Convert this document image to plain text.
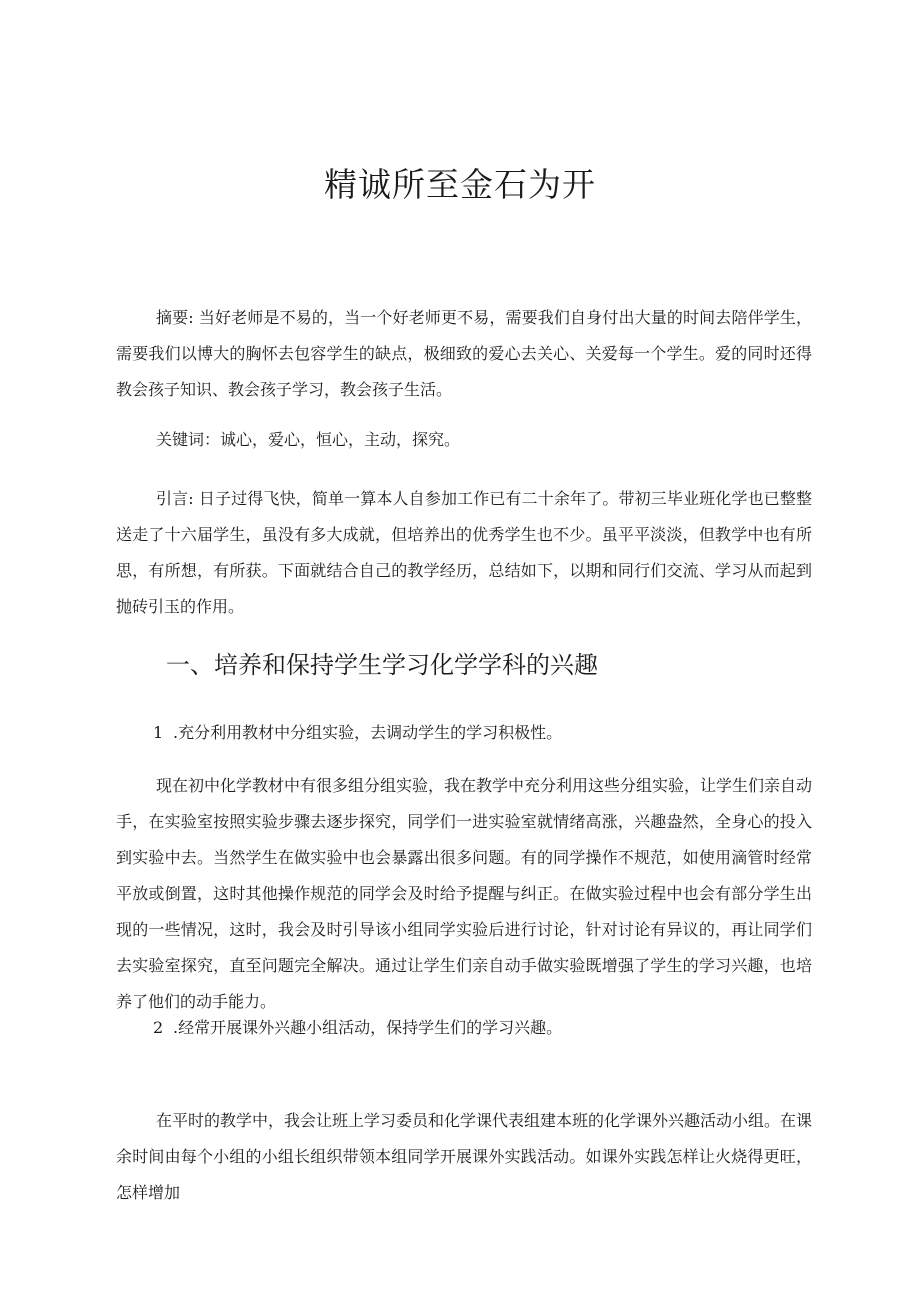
精诚所至金石为开

摘要: 当好老师是不易的，当一个好老师更不易，需要我们自身付出大量的时间去陪伴学生，需要我们以博大的胸怀去包容学生的缺点，极细致的爱心去关心、关爱每一个学生。爱的同时还得教会孩子知识、教会孩子学习，教会孩子生活。

关键词：诚心，爱心，恒心，主动，探究。

引言: 日子过得飞快，简单一算本人自参加工作已有二十余年了。带初三毕业班化学也已整整送走了十六届学生，虽没有多大成就，但培养出的优秀学生也不少。虽平平淡淡，但教学中也有所思，有所想，有所获。下面就结合自己的教学经历，总结如下，以期和同行们交流、学习从而起到抛砖引玉的作用。

一、培养和保持学生学习化学学科的兴趣
1 .充分利用教材中分组实验，去调动学生的学习积极性。

现在初中化学教材中有很多组分组实验，我在教学中充分利用这些分组实验，让学生们亲自动手，在实验室按照实验步骤去逐步探究，同学们一进实验室就情绪高涨，兴趣盎然，全身心的投入到实验中去。当然学生在做实验中也会暴露出很多问题。有的同学操作不规范，如使用滴管时经常平放或倒置，这时其他操作规范的同学会及时给予提醒与纠正。在做实验过程中也会有部分学生出现的一些情况，这时，我会及时引导该小组同学实验后进行讨论，针对讨论有异议的，再让同学们去实验室探究，直至问题完全解决。通过让学生们亲自动手做实验既增强了学生的学习兴趣，也培养了他们的动手能力。

2 .经常开展课外兴趣小组活动，保持学生们的学习兴趣。

在平时的教学中，我会让班上学习委员和化学课代表组建本班的化学课外兴趣活动小组。在课余时间由每个小组的小组长组织带领本组同学开展课外实践活动。如课外实践怎样让火烧得更旺，怎样增加
